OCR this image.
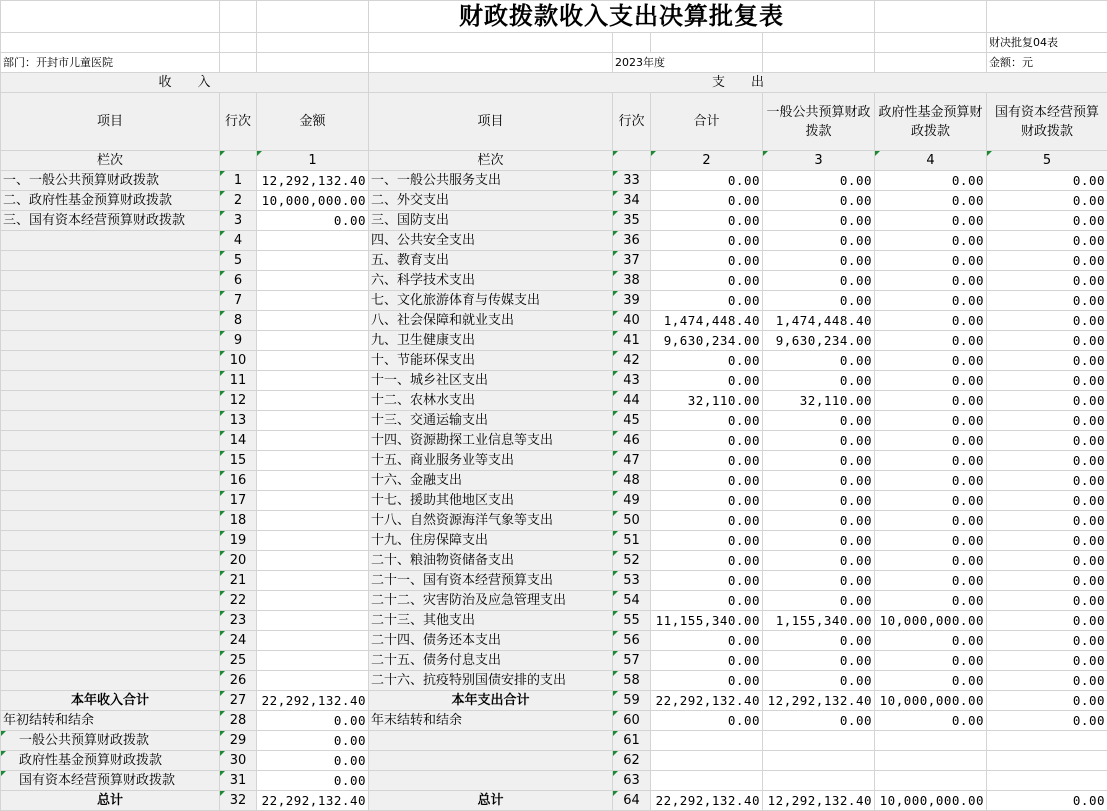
			财政拨款收入支出决算批复表					
								财决批复04表
部门：开封市儿童医院				2023年度				金额：元
收　　入			支　　出					
项目	行次	金额	项目	行次	合计	一般公共预算财政拨款	政府性基金预算财政拨款	国有资本经营预算财政拨款
栏次		1	栏次		2	3	4	5
一、一般公共预算财政拨款	1	12,292,132.40	一、一般公共服务支出	33	0.00	0.00	0.00	0.00
二、政府性基金预算财政拨款	2	10,000,000.00	二、外交支出	34	0.00	0.00	0.00	0.00
三、国有资本经营预算财政拨款	3	0.00	三、国防支出	35	0.00	0.00	0.00	0.00
	4		四、公共安全支出	36	0.00	0.00	0.00	0.00
	5		五、教育支出	37	0.00	0.00	0.00	0.00
	6		六、科学技术支出	38	0.00	0.00	0.00	0.00
	7		七、文化旅游体育与传媒支出	39	0.00	0.00	0.00	0.00
	8		八、社会保障和就业支出	40	1,474,448.40	1,474,448.40	0.00	0.00
	9		九、卫生健康支出	41	9,630,234.00	9,630,234.00	0.00	0.00
	10		十、节能环保支出	42	0.00	0.00	0.00	0.00
	11		十一、城乡社区支出	43	0.00	0.00	0.00	0.00
	12		十二、农林水支出	44	32,110.00	32,110.00	0.00	0.00
	13		十三、交通运输支出	45	0.00	0.00	0.00	0.00
	14		十四、资源勘探工业信息等支出	46	0.00	0.00	0.00	0.00
	15		十五、商业服务业等支出	47	0.00	0.00	0.00	0.00
	16		十六、金融支出	48	0.00	0.00	0.00	0.00
	17		十七、援助其他地区支出	49	0.00	0.00	0.00	0.00
	18		十八、自然资源海洋气象等支出	50	0.00	0.00	0.00	0.00
	19		十九、住房保障支出	51	0.00	0.00	0.00	0.00
	20		二十、粮油物资储备支出	52	0.00	0.00	0.00	0.00
	21		二十一、国有资本经营预算支出	53	0.00	0.00	0.00	0.00
	22		二十二、灾害防治及应急管理支出	54	0.00	0.00	0.00	0.00
	23		二十三、其他支出	55	11,155,340.00	1,155,340.00	10,000,000.00	0.00
	24		二十四、债务还本支出	56	0.00	0.00	0.00	0.00
	25		二十五、债务付息支出	57	0.00	0.00	0.00	0.00
	26		二十六、抗疫特别国债安排的支出	58	0.00	0.00	0.00	0.00
本年收入合计	27	22,292,132.40	本年支出合计	59	22,292,132.40	12,292,132.40	10,000,000.00	0.00
年初结转和结余	28	0.00	年末结转和结余	60	0.00	0.00	0.00	0.00
一般公共预算财政拨款	29	0.00		61				
政府性基金预算财政拨款	30	0.00		62				
国有资本经营预算财政拨款	31	0.00		63				
总计	32	22,292,132.40	总计	64	22,292,132.40	12,292,132.40	10,000,000.00	0.00
